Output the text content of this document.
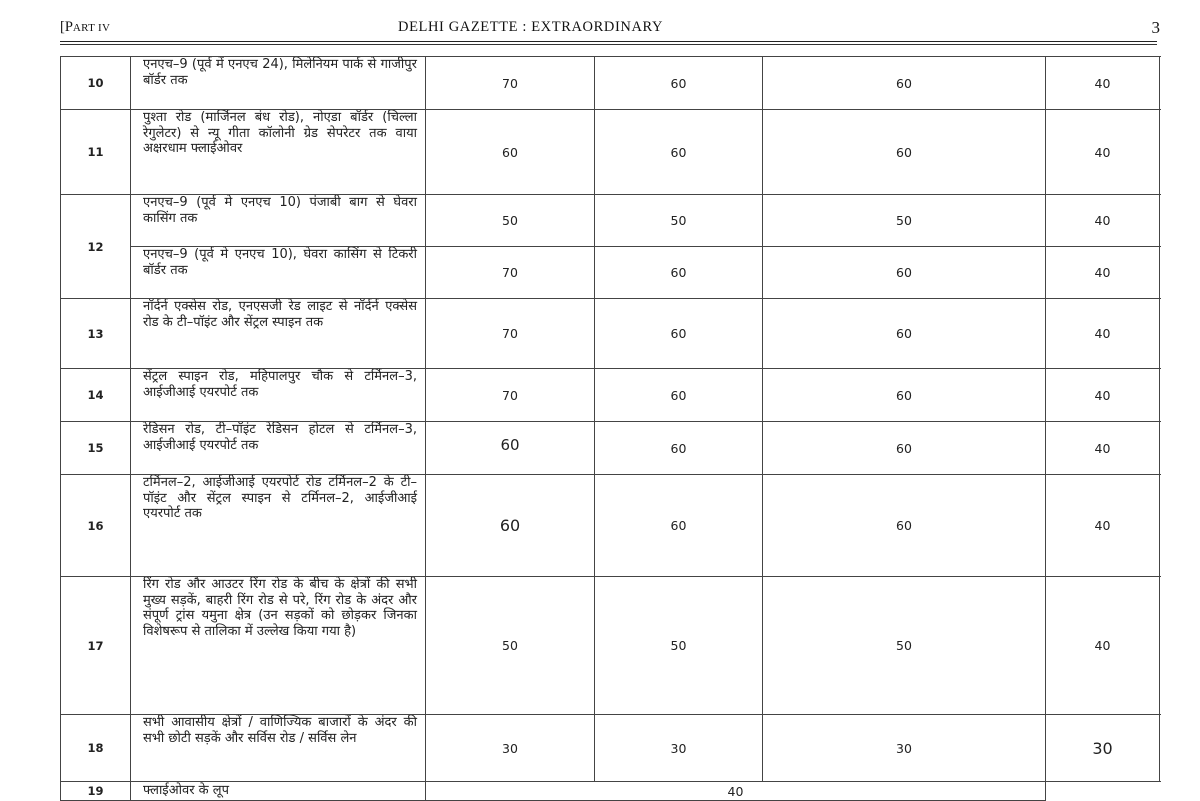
[PART IV	DELHI GAZETTE : EXTRAORDINARY	3
10	एनएच–9 (पूर्व में एनएच 24), मिलेनियम पार्क से गाजीपुर बॉर्डर तक	70	60	60	40
11	पुश्ता रोड (मार्जिनल बंध रोड), नोएडा बॉर्डर (चिल्ला रेगुलेटर) से न्यू गीता कॉलोनी ग्रेड सेपरेटर तक वाया अक्षरधाम फ्लाईओवर	60	60	60	40
12	एनएच–9 (पूर्व मे एनएच 10) पंजाबी बाग से घेवरा कासिंग तक	50	50	50	40
	एनएच–9 (पूर्व मे एनएच 10), घेवरा कासिंग से टिकरी बॉर्डर तक	70	60	60	40
13	नॉर्दर्न एक्सेस रोड, एनएसजी रेड लाइट से नॉर्दर्न एक्सेस रोड के टी–पॉइंट और सेंट्रल स्पाइन तक	70	60	60	40
14	सेंट्रल स्पाइन रोड, महिपालपुर चौक से टर्मिनल–3, आईजीआई एयरपोर्ट तक	70	60	60	40
15	रेडिसन रोड, टी–पॉइंट रेडिसन होटल से टर्मिनल–3, आईजीआई एयरपोर्ट तक	60	60	60	40
16	टर्मिनल–2, आईजीआई एयरपोर्ट रोड टर्मिनल–2 के टी–पॉइंट और सेंट्रल स्पाइन से टर्मिनल–2, आईजीआई एयरपोर्ट तक	60	60	60	40
17	रिंग रोड और आउटर रिंग रोड के बीच के क्षेत्रों की सभी मुख्य सड़कें, बाहरी रिंग रोड से परे, रिंग रोड के अंदर और संपूर्ण ट्रांस यमुना क्षेत्र (उन सड़कों को छोड़कर जिनका विशेषरूप से तालिका में उल्लेख किया गया है)	50	50	50	40
18	सभी आवासीय क्षेत्रों / वाणिज्यिक बाजारों के अंदर की सभी छोटी सड़कें और सर्विस रोड / सर्विस लेन	30	30	30	30
19	फ्लाईओवर के लूप	40			
